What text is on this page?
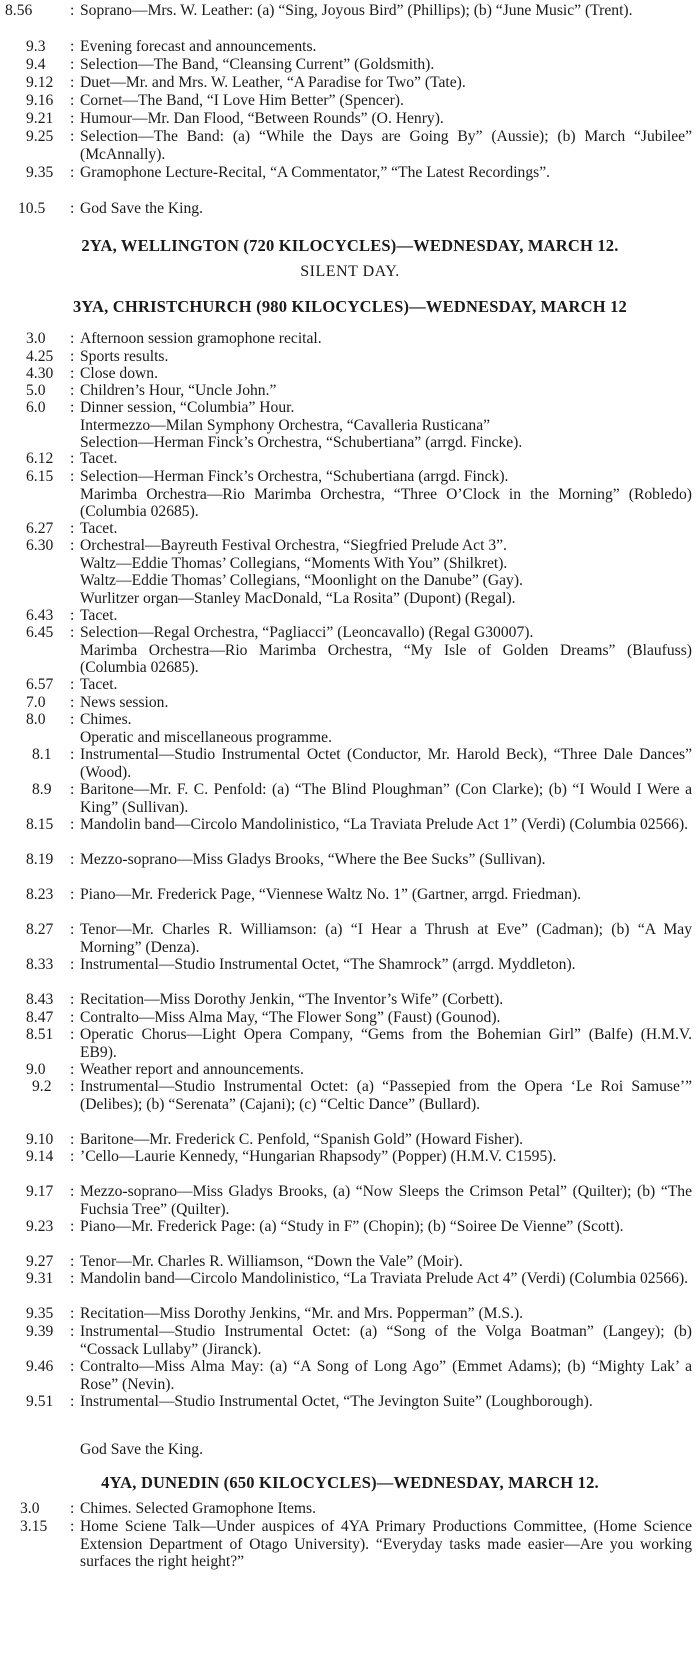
8.56 : Soprano—Mrs. W. Leather: (a) “Sing, Joyous Bird” (Phillips); (b) “June Music” (Trent).
9.3 : Evening forecast and announcements.
9.4 : Selection—The Band, “Cleansing Current” (Goldsmith).
9.12 : Duet—Mr. and Mrs. W. Leather, “A Paradise for Two” (Tate).
9.16 : Cornet—The Band, “I Love Him Better” (Spencer).
9.21 : Humour—Mr. Dan Flood, “Between Rounds” (O. Henry).
9.25 : Selection—The Band: (a) “While the Days are Going By” (Aussie); (b) March “Jubilee” (McAnnally).
9.35 : Gramophone Lecture-Recital, “A Commentator,” “The Latest Recordings”.
10.5 : God Save the King.
2YA, WELLINGTON (720 KILOCYCLES)—WEDNESDAY, MARCH 12.
SILENT DAY.
3YA, CHRISTCHURCH (980 KILOCYCLES)—WEDNESDAY, MARCH 12
3.0 : Afternoon session gramophone recital.
4.25 : Sports results.
4.30 : Close down.
5.0 : Children’s Hour, “Uncle John.”
6.0 : Dinner session, “Columbia” Hour.
Intermezzo—Milan Symphony Orchestra, “Cavalleria Rusticana”
Selection—Herman Finck’s Orchestra, “Schubertiana” (arrgd. Fincke).
6.12 : Tacet.
6.15 : Selection—Herman Finck’s Orchestra, “Schubertiana (arrgd. Finck).
Marimba Orchestra—Rio Marimba Orchestra, “Three O’Clock in the Morning” (Robledo) (Columbia 02685).
6.27 : Tacet.
6.30 : Orchestral—Bayreuth Festival Orchestra, “Siegfried Prelude Act 3”.
Waltz—Eddie Thomas’ Collegians, “Moments With You” (Shilkret).
Waltz—Eddie Thomas’ Collegians, “Moonlight on the Danube” (Gay).
Wurlitzer organ—Stanley MacDonald, “La Rosita” (Dupont) (Regal).
6.43 : Tacet.
6.45 : Selection—Regal Orchestra, “Pagliacci” (Leoncavallo) (Regal G30007).
Marimba Orchestra—Rio Marimba Orchestra, “My Isle of Golden Dreams” (Blaufuss) (Columbia 02685).
6.57 : Tacet.
7.0 : News session.
8.0 : Chimes.
Operatic and miscellaneous programme.
8.1 : Instrumental—Studio Instrumental Octet (Conductor, Mr. Harold Beck), “Three Dale Dances” (Wood).
8.9 : Baritone—Mr. F. C. Penfold: (a) “The Blind Ploughman” (Con Clarke); (b) “I Would I Were a King” (Sullivan).
8.15 : Mandolin band—Circolo Mandolinistico, “La Traviata Prelude Act 1” (Verdi) (Columbia 02566).
8.19 : Mezzo-soprano—Miss Gladys Brooks, “Where the Bee Sucks” (Sullivan).
8.23 : Piano—Mr. Frederick Page, “Viennese Waltz No. 1” (Gartner, arrgd. Friedman).
8.27 : Tenor—Mr. Charles R. Williamson: (a) “I Hear a Thrush at Eve” (Cadman); (b) “A May Morning” (Denza).
8.33 : Instrumental—Studio Instrumental Octet, “The Shamrock” (arrgd. Myddleton).
8.43 : Recitation—Miss Dorothy Jenkin, “The Inventor’s Wife” (Corbett).
8.47 : Contralto—Miss Alma May, “The Flower Song” (Faust) (Gounod).
8.51 : Operatic Chorus—Light Opera Company, “Gems from the Bohemian Girl” (Balfe) (H.M.V. EB9).
9.0 : Weather report and announcements.
9.2 : Instrumental—Studio Instrumental Octet: (a) “Passepied from the Opera ‘Le Roi Samuse’” (Delibes); (b) “Serenata” (Cajani); (c) “Celtic Dance” (Bullard).
9.10 : Baritone—Mr. Frederick C. Penfold, “Spanish Gold” (Howard Fisher).
9.14 : ’Cello—Laurie Kennedy, “Hungarian Rhapsody” (Popper) (H.M.V. C1595).
9.17 : Mezzo-soprano—Miss Gladys Brooks, (a) “Now Sleeps the Crimson Petal” (Quilter); (b) “The Fuchsia Tree” (Quilter).
9.23 : Piano—Mr. Frederick Page: (a) “Study in F” (Chopin); (b) “Soiree De Vienne” (Scott).
9.27 : Tenor—Mr. Charles R. Williamson, “Down the Vale” (Moir).
9.31 : Mandolin band—Circolo Mandolinistico, “La Traviata Prelude Act 4” (Verdi) (Columbia 02566).
9.35 : Recitation—Miss Dorothy Jenkins, “Mr. and Mrs. Popperman” (M.S.).
9.39 : Instrumental—Studio Instrumental Octet: (a) “Song of the Volga Boatman” (Langey); (b) “Cossack Lullaby” (Jiranck).
9.46 : Contralto—Miss Alma May: (a) “A Song of Long Ago” (Emmet Adams); (b) “Mighty Lak’ a Rose” (Nevin).
9.51 : Instrumental—Studio Instrumental Octet, “The Jevington Suite” (Loughborough).
God Save the King.
4YA, DUNEDIN (650 KILOCYCLES)—WEDNESDAY, MARCH 12.
3.0 : Chimes. Selected Gramophone Items.
3.15 : Home Sciene Talk—Under auspices of 4YA Primary Productions Committee, (Home Science Extension Department of Otago University). “Everyday tasks made easier—Are you working surfaces the right height?”
